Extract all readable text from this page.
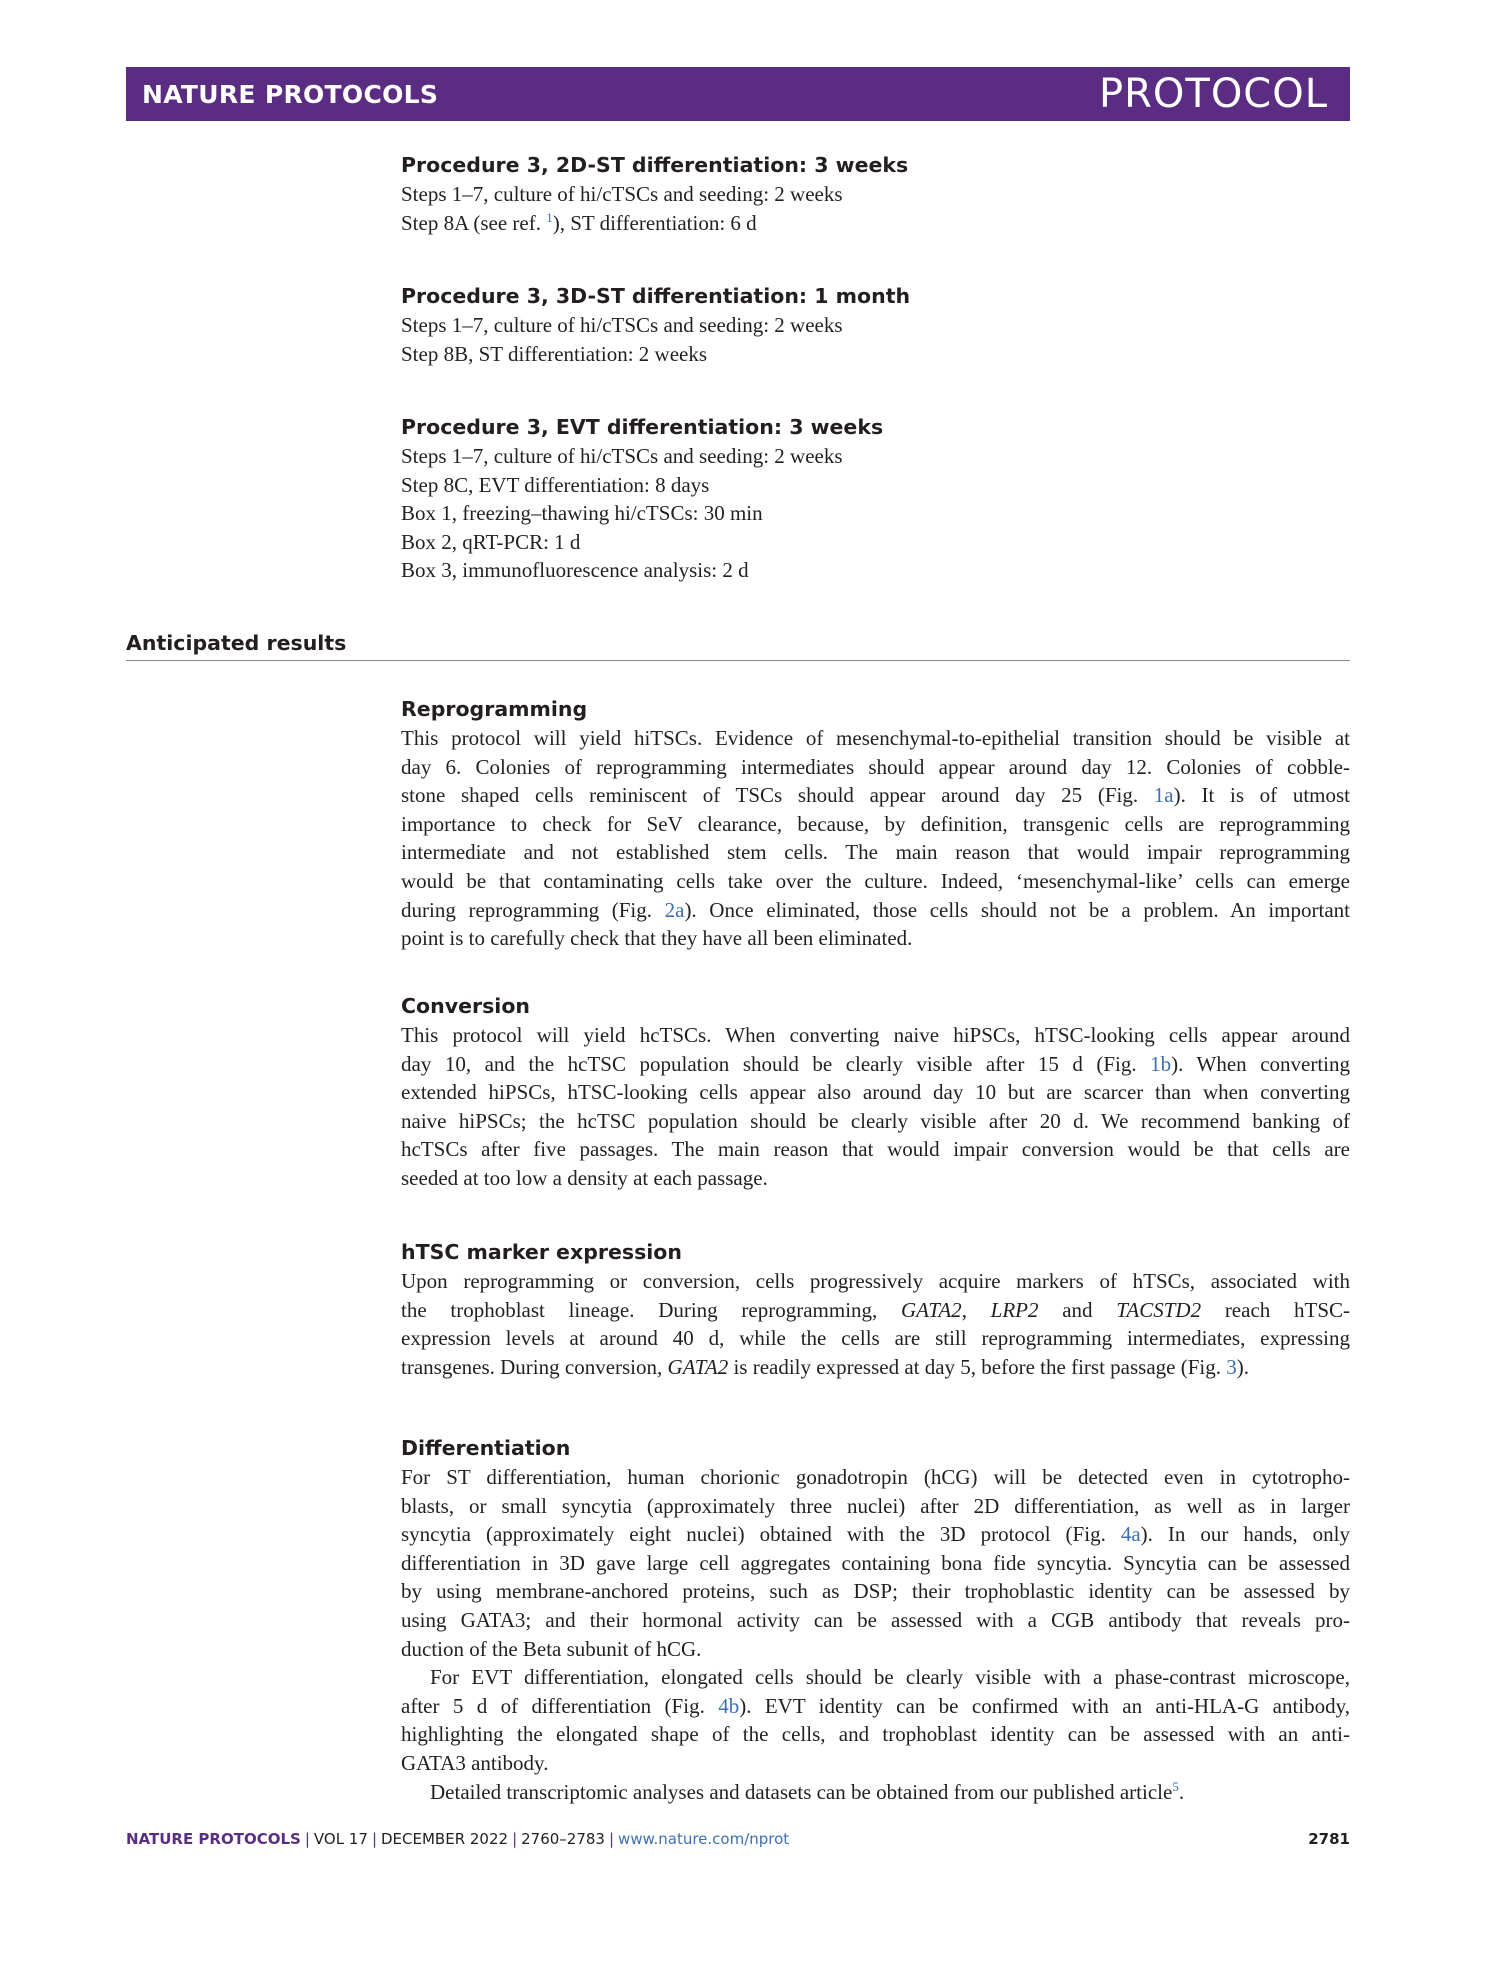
NATURE PROTOCOLS	PROTOCOL

Procedure 3, 2D-ST differentiation: 3 weeks

Steps 1–7, culture of hi/cTSCs and seeding: 2 weeks

Step 8A (see ref. $^1$), ST differentiation: 6 d

Procedure 3, 3D-ST differentiation: 1 month

Steps 1–7, culture of hi/cTSCs and seeding: 2 weeks

Step 8B, ST differentiation: 2 weeks

Procedure 3, EVT differentiation: 3 weeks

Steps 1–7, culture of hi/cTSCs and seeding: 2 weeks

Step 8C, EVT differentiation: 8 days

Box 1, freezing–thawing hi/cTSCs: 30 min

Box 2, qRT-PCR: 1 d

Box 3, immunofluorescence analysis: 2 d

Anticipated results

Reprogramming

This protocol will yield hiTSCs. Evidence of mesenchymal-to-epithelial transition should be visible at
day 6. Colonies of reprogramming intermediates should appear around day 12. Colonies of cobble-
stone shaped cells reminiscent of TSCs should appear around day 25 (Fig. 1a). It is of utmost
importance to check for SeV clearance, because, by definition, transgenic cells are reprogramming
intermediate and not established stem cells. The main reason that would impair reprogramming
would be that contaminating cells take over the culture. Indeed, ‘mesenchymal-like’ cells can emerge
during reprogramming (Fig. 2a). Once eliminated, those cells should not be a problem. An important
point is to carefully check that they have all been eliminated.

Conversion

This protocol will yield hcTSCs. When converting naive hiPSCs, hTSC-looking cells appear around
day 10, and the hcTSC population should be clearly visible after 15 d (Fig. 1b). When converting
extended hiPSCs, hTSC-looking cells appear also around day 10 but are scarcer than when converting
naive hiPSCs; the hcTSC population should be clearly visible after 20 d. We recommend banking of
hcTSCs after five passages. The main reason that would impair conversion would be that cells are
seeded at too low a density at each passage.

hTSC marker expression

Upon reprogramming or conversion, cells progressively acquire markers of hTSCs, associated with
the trophoblast lineage. During reprogramming, GATA2, LRP2 and TACSTD2 reach hTSC-
expression levels at around 40 d, while the cells are still reprogramming intermediates, expressing
transgenes. During conversion, GATA2 is readily expressed at day 5, before the first passage (Fig. 3).

Differentiation

For ST differentiation, human chorionic gonadotropin (hCG) will be detected even in cytotropho-
blasts, or small syncytia (approximately three nuclei) after 2D differentiation, as well as in larger
syncytia (approximately eight nuclei) obtained with the 3D protocol (Fig. 4a). In our hands, only
differentiation in 3D gave large cell aggregates containing bona fide syncytia. Syncytia can be assessed
by using membrane-anchored proteins, such as DSP; their trophoblastic identity can be assessed by
using GATA3; and their hormonal activity can be assessed with a CGB antibody that reveals pro-
duction of the Beta subunit of hCG.
For EVT differentiation, elongated cells should be clearly visible with a phase-contrast microscope,
after 5 d of differentiation (Fig. 4b). EVT identity can be confirmed with an anti-HLA-G antibody,
highlighting the elongated shape of the cells, and trophoblast identity can be assessed with an anti-
GATA3 antibody.
Detailed transcriptomic analyses and datasets can be obtained from our published article$^5$.
NATURE PROTOCOLS | VOL 17 | DECEMBER 2022 | 2760–2783 | www.nature.com/nprot	2781
